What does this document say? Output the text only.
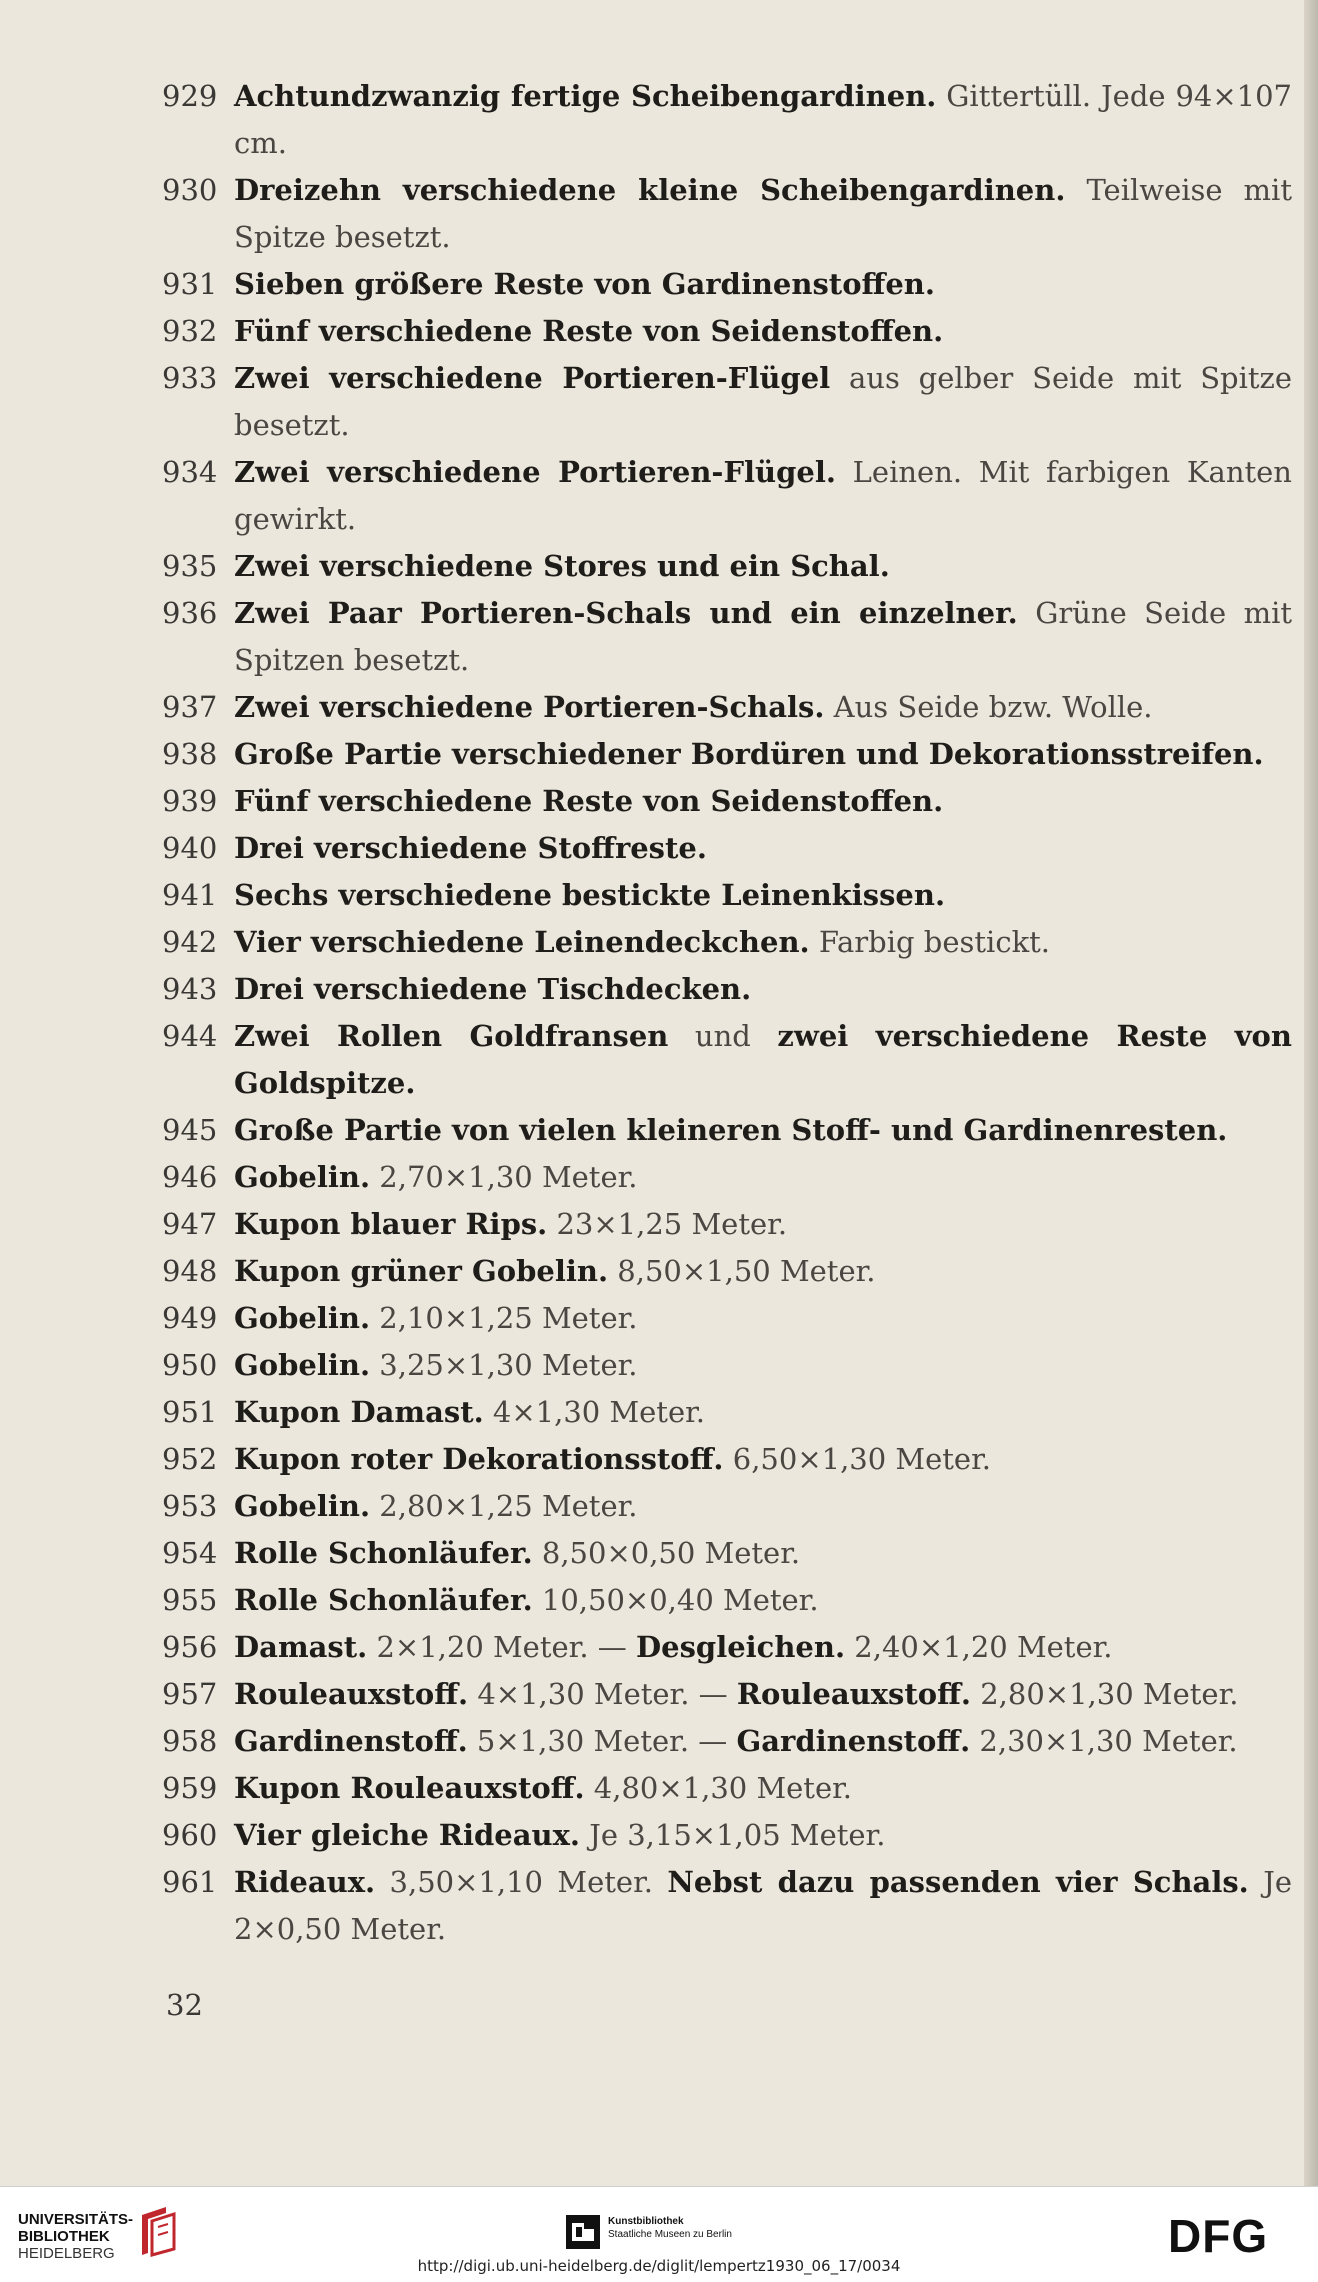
929 Achtundzwanzig fertige Scheibengardinen. Gittertüll. Jede 94×107 cm.
930 Dreizehn verschiedene kleine Scheibengardinen. Teilweise mit Spitze besetzt.
931 Sieben größere Reste von Gardinenstoffen.
932 Fünf verschiedene Reste von Seidenstoffen.
933 Zwei verschiedene Portieren-Flügel aus gelber Seide mit Spitze besetzt.
934 Zwei verschiedene Portieren-Flügel. Leinen. Mit farbigen Kanten gewirkt.
935 Zwei verschiedene Stores und ein Schal.
936 Zwei Paar Portieren-Schals und ein einzelner. Grüne Seide mit Spitzen besetzt.
937 Zwei verschiedene Portieren-Schals. Aus Seide bzw. Wolle.
938 Große Partie verschiedener Bordüren und Dekorationsstreifen.
939 Fünf verschiedene Reste von Seidenstoffen.
940 Drei verschiedene Stoffreste.
941 Sechs verschiedene bestickte Leinenkissen.
942 Vier verschiedene Leinendeckchen. Farbig bestickt.
943 Drei verschiedene Tischdecken.
944 Zwei Rollen Goldfransen und zwei verschiedene Reste von Goldspitze.
945 Große Partie von vielen kleineren Stoff- und Gardinenresten.
946 Gobelin. 2,70×1,30 Meter.
947 Kupon blauer Rips. 23×1,25 Meter.
948 Kupon grüner Gobelin. 8,50×1,50 Meter.
949 Gobelin. 2,10×1,25 Meter.
950 Gobelin. 3,25×1,30 Meter.
951 Kupon Damast. 4×1,30 Meter.
952 Kupon roter Dekorationsstoff. 6,50×1,30 Meter.
953 Gobelin. 2,80×1,25 Meter.
954 Rolle Schonläufer. 8,50×0,50 Meter.
955 Rolle Schonläufer. 10,50×0,40 Meter.
956 Damast. 2×1,20 Meter. — Desgleichen. 2,40×1,20 Meter.
957 Rouleauxstoff. 4×1,30 Meter. — Rouleauxstoff. 2,80×1,30 Meter.
958 Gardinenstoff. 5×1,30 Meter. — Gardinenstoff. 2,30×1,30 Meter.
959 Kupon Rouleauxstoff. 4,80×1,30 Meter.
960 Vier gleiche Rideaux. Je 3,15×1,05 Meter.
961 Rideaux. 3,50×1,10 Meter. Nebst dazu passenden vier Schals. Je 2×0,50 Meter.
32
UNIVERSITÄTS-
BIBLIOTHEK
HEIDELBERG
Kunstbibliothek
Staatliche Museen zu Berlin	DFG
http://digi.ub.uni-heidelberg.de/diglit/lempertz1930_06_17/0034
